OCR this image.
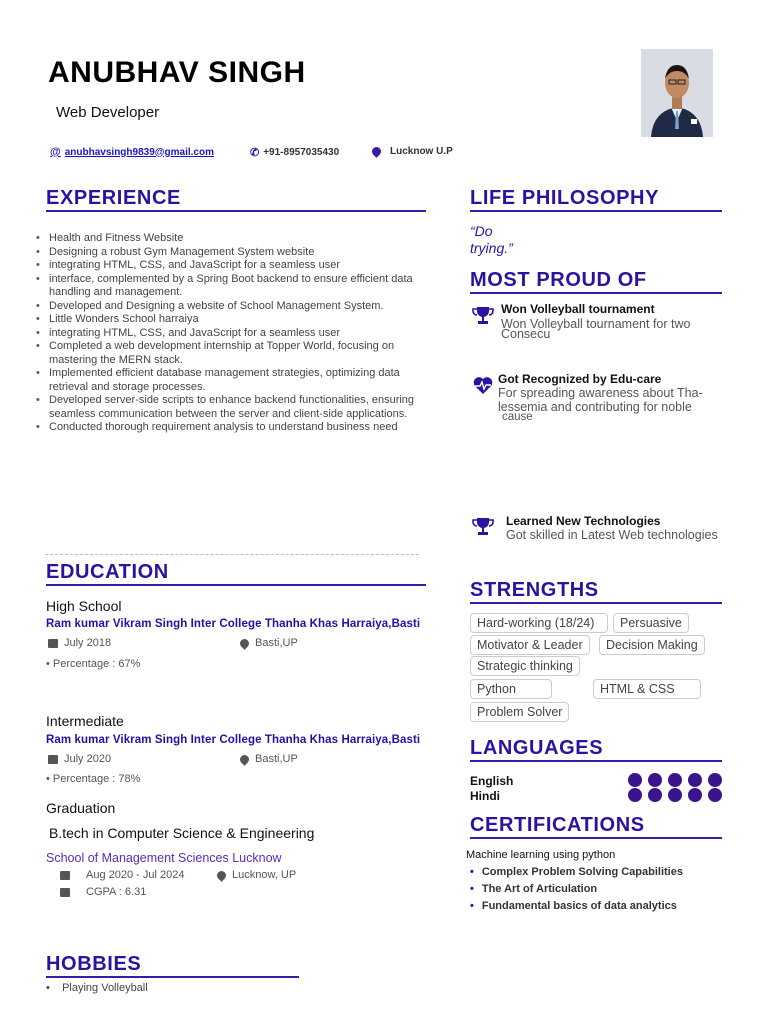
ANUBHAV SINGH
Web Developer
@ anubhavsingh9839@gmail.com	✆ +91-8957035430	Lucknow U.P
EXPERIENCE
• Health and Fitness Website
• Designing a robust Gym Management System website
• integrating HTML, CSS, and JavaScript for a seamless user
• interface, complemented by a Spring Boot backend to ensure efficient data handling and management.
• Developed and Designing a website of School Management System.
• Little Wonders School harraiya
• integrating HTML, CSS, and JavaScript for a seamless user
• Completed a web development internship at Topper World, focusing on mastering the MERN stack.
• Implemented efficient database management strategies, optimizing data retrieval and storage processes.
• Developed server-side scripts to enhance backend functionalities, ensuring seamless communication between the server and client-side applications.
• Conducted thorough requirement analysis to understand business need
EDUCATION
High School
Ram kumar Vikram Singh Inter College Thanha Khas Harraiya,Basti
July 2018	Basti,UP
• Percentage : 67%
Intermediate
Ram kumar Vikram Singh Inter College Thanha Khas Harraiya,Basti
July 2020	Basti,UP
• Percentage : 78%
Graduation
B.tech in Computer Science & Engineering
School of Management Sciences Lucknow
Aug 2020 - Jul 2024	Lucknow, UP
CGPA : 6.31
HOBBIES
•    Playing Volleyball
LIFE PHILOSOPHY
“Do
trying.”
MOST PROUD OF
Won Volleyball tournament
Won Volleyball tournament for two
Consecu
Got Recognized by Edu-care
For spreading awareness about Tha-
lessemia and contributing for noble
cause
Learned New Technologies
Got skilled in Latest Web technologies
STRENGTHS
Hard-working (18/24)	Persuasive
Motivator & Leader	Decision Making
Strategic thinking
Python	HTML & CSS
Problem Solver
LANGUAGES
English
Hindi
CERTIFICATIONS
Machine learning using python
• Complex Problem Solving Capabilities
• The Art of Articulation
• Fundamental basics of data analytics
